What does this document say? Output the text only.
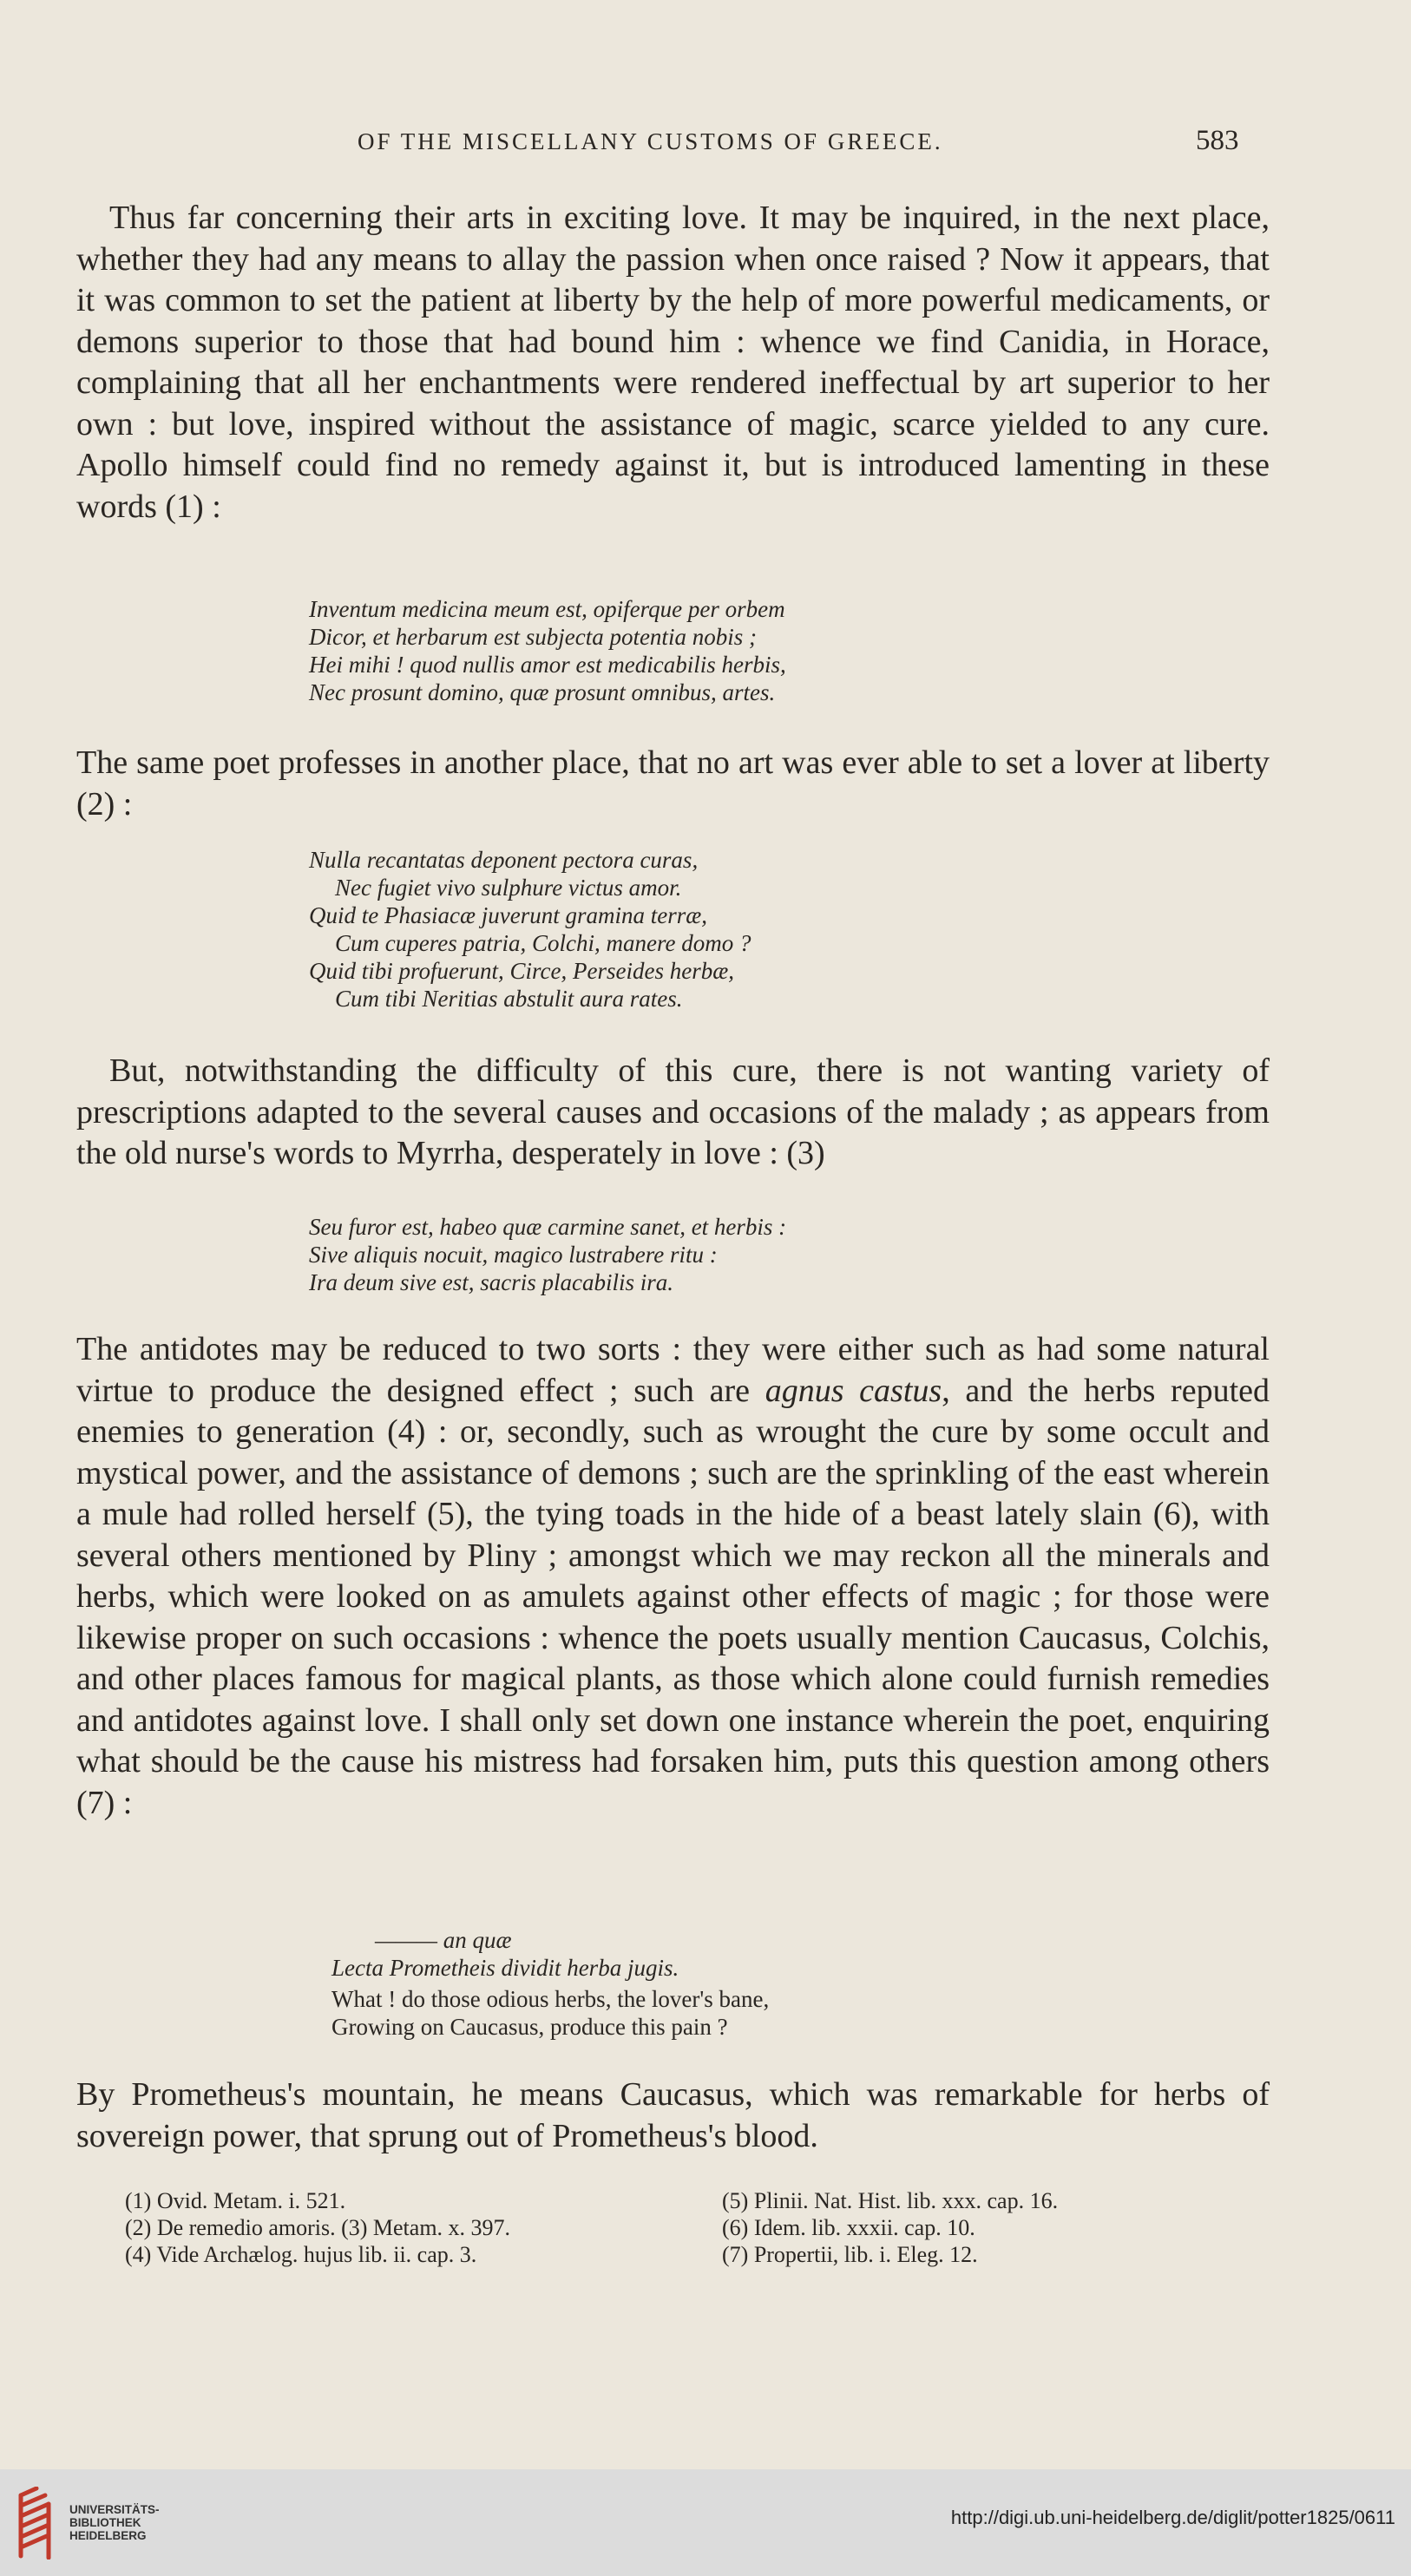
OF THE MISCELLANY CUSTOMS OF GREECE.	583
Thus far concerning their arts in exciting love. It may be inquired, in the next place, whether they had any means to allay the passion when once raised ? Now it appears, that it was common to set the patient at liberty by the help of more powerful medicaments, or demons superior to those that had bound him : whence we find Canidia, in Horace, complaining that all her enchantments were rendered ineffectual by art superior to her own : but love, inspired without the assistance of magic, scarce yielded to any cure. Apollo himself could find no remedy against it, but is introduced lamenting in these words (1) :
Inventum medicina meum est, opiferque per orbem
Dicor, et herbarum est subjecta potentia nobis ;
Hei mihi ! quod nullis amor est medicabilis herbis,
Nec prosunt domino, quæ prosunt omnibus, artes.
The same poet professes in another place, that no art was ever able to set a lover at liberty (2) :
Nulla recantatas deponent pectora curas,
Nec fugiet vivo sulphure victus amor.
Quid te Phasiacæ juverunt gramina terræ,
Cum cuperes patria, Colchi, manere domo ?
Quid tibi profuerunt, Circe, Perseides herbæ,
Cum tibi Neritias abstulit aura rates.
But, notwithstanding the difficulty of this cure, there is not wanting variety of prescriptions adapted to the several causes and occasions of the malady ; as appears from the old nurse's words to Myrrha, desperately in love : (3)
Seu furor est, habeo quæ carmine sanet, et herbis :
Sive aliquis nocuit, magico lustrabere ritu :
Ira deum sive est, sacris placabilis ira.
The antidotes may be reduced to two sorts : they were either such as had some natural virtue to produce the designed effect ; such are agnus castus, and the herbs reputed enemies to generation (4) : or, secondly, such as wrought the cure by some occult and mystical power, and the assistance of demons ; such are the sprinkling of the east wherein a mule had rolled herself (5), the tying toads in the hide of a beast lately slain (6), with several others mentioned by Pliny ; amongst which we may reckon all the minerals and herbs, which were looked on as amulets against other effects of magic ; for those were likewise proper on such occasions : whence the poets usually mention Caucasus, Colchis, and other places famous for magical plants, as those which alone could furnish remedies and antidotes against love. I shall only set down one instance wherein the poet, enquiring what should be the cause his mistress had forsaken him, puts this question among others (7) :
——— an quæ
Lecta Prometheis dividit herba jugis.
What ! do those odious herbs, the lover's bane,
Growing on Caucasus, produce this pain ?
By Prometheus's mountain, he means Caucasus, which was remarkable for herbs of sovereign power, that sprung out of Prometheus's blood.
(1) Ovid. Metam. i. 521.
(2) De remedio amoris. (3) Metam. x. 397.
(4) Vide Archælog. hujus lib. ii. cap. 3.
(5) Plinii. Nat. Hist. lib. xxx. cap. 16.
(6) Idem. lib. xxxii. cap. 10.
(7) Propertii, lib. i. Eleg. 12.
UNIVERSITÄTS-
BIBLIOTHEK
HEIDELBERG
http://digi.ub.uni-heidelberg.de/diglit/potter1825/0611
